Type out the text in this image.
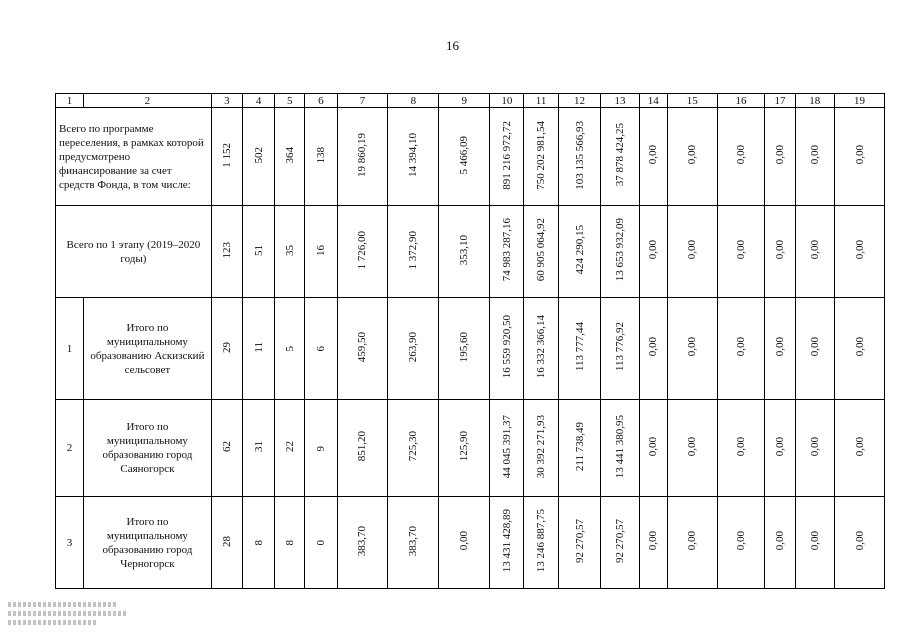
16
1	2	3	4	5	6	7	8	9	10	11	12	13	14	15	16	17	18	19
Всего по программе переселения, в рамках которой предусмотрено финансирование за счет средств Фонда, в том числе:		1 152	502	364	138	19 860,19	14 394,10	5 466,09	891 216 972,72	750 202 981,54	103 135 566,93	37 878 424,25	0,00	0,00	0,00	0,00	0,00	0,00
Всего по 1 этапу (2019–2020 годы)		123	51	35	16	1 726,00	1 372,90	353,10	74 983 287,16	60 905 064,92	424 290,15	13 653 932,09	0,00	0,00	0,00	0,00	0,00	0,00
1	Итого по муниципальному образованию Аскизский сельсовет	29	11	5	6	459,50	263,90	195,60	16 559 920,50	16 332 366,14	113 777,44	113 776,92	0,00	0,00	0,00	0,00	0,00	0,00
2	Итого по муниципальному образованию город Саяногорск	62	31	22	9	851,20	725,30	125,90	44 045 391,37	30 392 271,93	211 738,49	13 441 380,95	0,00	0,00	0,00	0,00	0,00	0,00
3	Итого по муниципальному образованию город Черногорск	28	8	8	0	383,70	383,70	0,00	13 431 428,89	13 246 887,75	92 270,57	92 270,57	0,00	0,00	0,00	0,00	0,00	0,00
